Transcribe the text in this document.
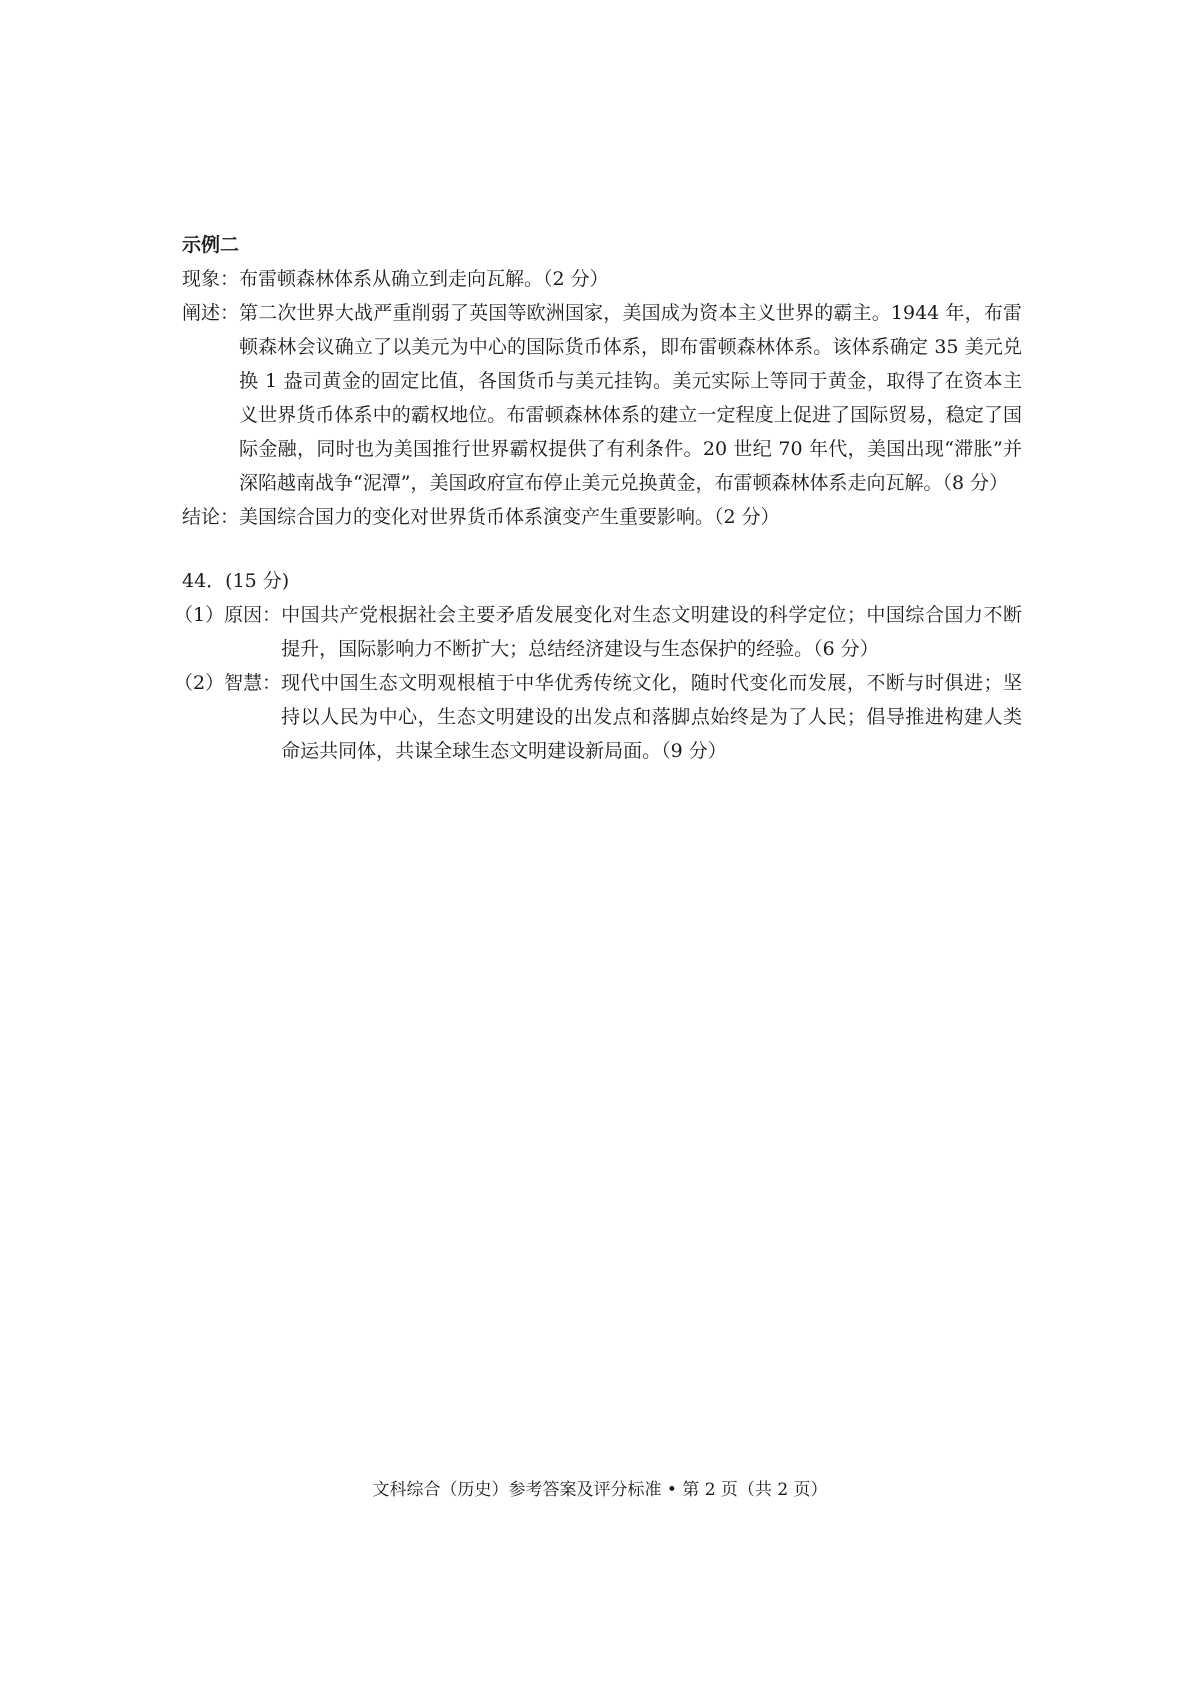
示例二
现象： 布雷顿森林体系从确立到走向瓦解。（2 分）
阐述： 第二次世界大战严重削弱了英国等欧洲国家，美国成为资本主义世界的霸主。1944 年，布雷顿森林会议确立了以美元为中心的国际货币体系，即布雷顿森林体系。该体系确定 35 美元兑换 1 盎司黄金的固定比值，各国货币与美元挂钩。美元实际上等同于黄金，取得了在资本主义世界货币体系中的霸权地位。布雷顿森林体系的建立一定程度上促进了国际贸易，稳定了国际金融，同时也为美国推行世界霸权提供了有利条件。20 世纪 70 年代，美国出现“滞胀”并深陷越南战争“泥潭”，美国政府宣布停止美元兑换黄金，布雷顿森林体系走向瓦解。（8 分）
结论： 美国综合国力的变化对世界货币体系演变产生重要影响。（2 分）
44．(15 分)
（1）原因： 中国共产党根据社会主要矛盾发展变化对生态文明建设的科学定位；中国综合国力不断提升，国际影响力不断扩大；总结经济建设与生态保护的经验。（6 分）
（2）智慧： 现代中国生态文明观根植于中华优秀传统文化，随时代变化而发展，不断与时俱进；坚持以人民为中心，生态文明建设的出发点和落脚点始终是为了人民；倡导推进构建人类命运共同体，共谋全球生态文明建设新局面。（9 分）
文科综合（历史）参考答案及评分标准 • 第 2 页（共 2 页）
